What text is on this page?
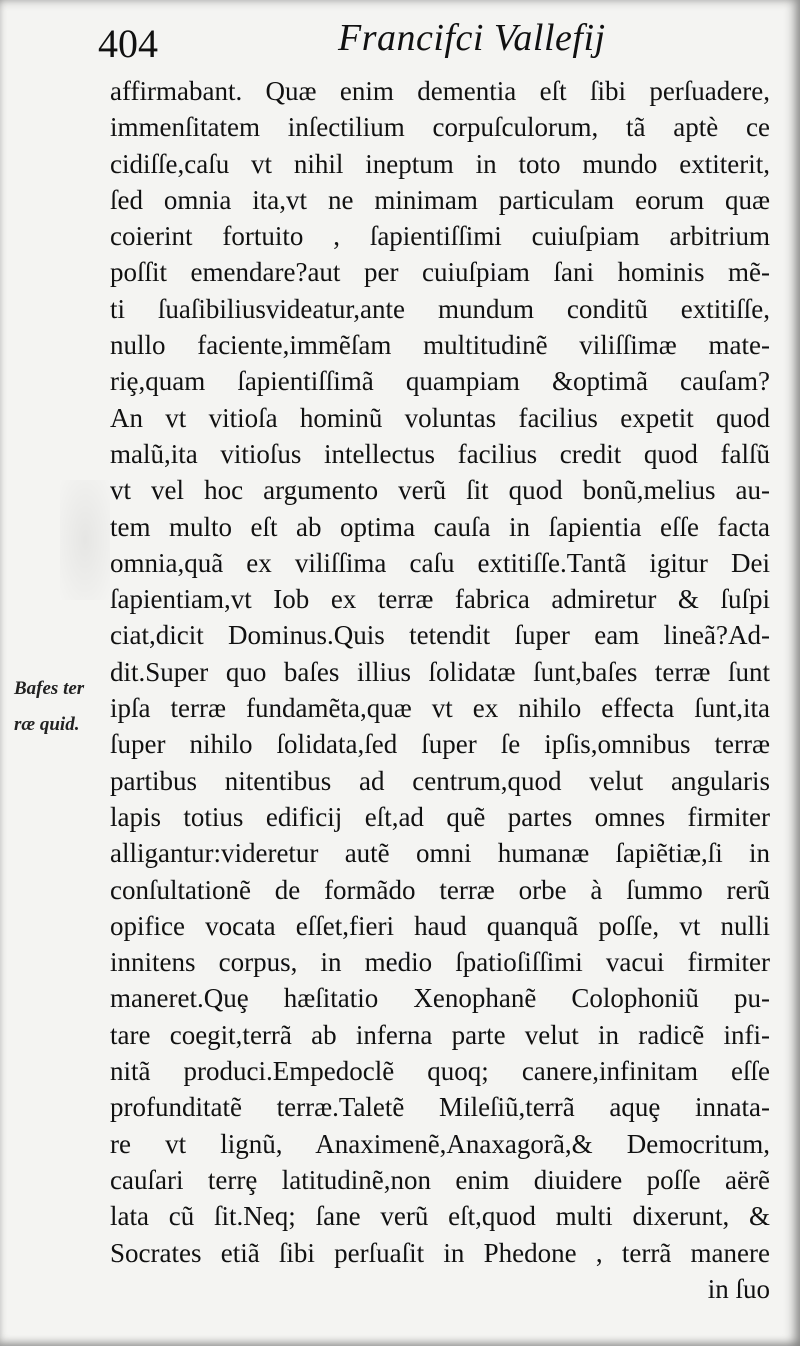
404	Francifci Vallefij
Bafes ter
ræ quid.
affirmabant. Quæ enim dementia eſt ſibi perſuadere,
immenſitatem inſectilium corpuſculorum, tã aptè ce
cidiſſe,caſu vt nihil ineptum in toto mundo extiterit,
ſed omnia ita,vt ne minimam particulam eorum quæ
coierint fortuito , ſapientiſſimi cuiuſpiam arbitrium
poſſit emendare?aut per cuiuſpiam ſani hominis mẽ-
ti ſuaſibiliusvideatur,ante mundum conditũ extitiſſe,
nullo faciente,immẽſam multitudinẽ viliſſimæ mate-
riȩ,quam ſapientiſſimã quampiam &optimã cauſam?
An vt vitioſa hominũ voluntas facilius expetit quod
malũ,ita vitioſus intellectus facilius credit quod falſũ
vt vel hoc argumento verũ ſit quod bonũ,melius au-
tem multo eſt ab optima cauſa in ſapientia eſſe facta
omnia,quã ex viliſſima caſu extitiſſe.Tantã igitur Dei
ſapientiam,vt Iob ex terræ fabrica admiretur & ſuſpi
ciat,dicit Dominus.Quis tetendit ſuper eam lineã?Ad-
dit.Super quo baſes illius ſolidatæ ſunt,baſes terræ ſunt
ipſa terræ fundamẽta,quæ vt ex nihilo effecta ſunt,ita
ſuper nihilo ſolidata,ſed ſuper ſe ipſis,omnibus terræ
partibus nitentibus ad centrum,quod velut angularis
lapis totius edificij eſt,ad quẽ partes omnes firmiter
alligantur:videretur autẽ omni humanæ ſapiẽtiæ,ſi in
conſultationẽ de formãdo terræ orbe à ſummo rerũ
opifice vocata eſſet,fieri haud quanquã poſſe, vt nulli
innitens corpus, in medio ſpatioſiſſimi vacui firmiter
maneret.Quȩ hæſitatio Xenophanẽ Colophoniũ pu-
tare coegit,terrã ab inferna parte velut in radicẽ infi-
nitã produci.Empedoclẽ quoq; canere,infinitam eſſe
profunditatẽ terræ.Taletẽ Mileſiũ,terrã aquȩ innata-
re vt lignũ, Anaximenẽ,Anaxagorã,& Democritum,
cauſari terrȩ latitudinẽ,non enim diuidere poſſe aërẽ
lata cũ ſit.Neq; ſane verũ eſt,quod multi dixerunt, &
Socrates etiã ſibi perſuaſit in Phedone , terrã manere
in ſuo
